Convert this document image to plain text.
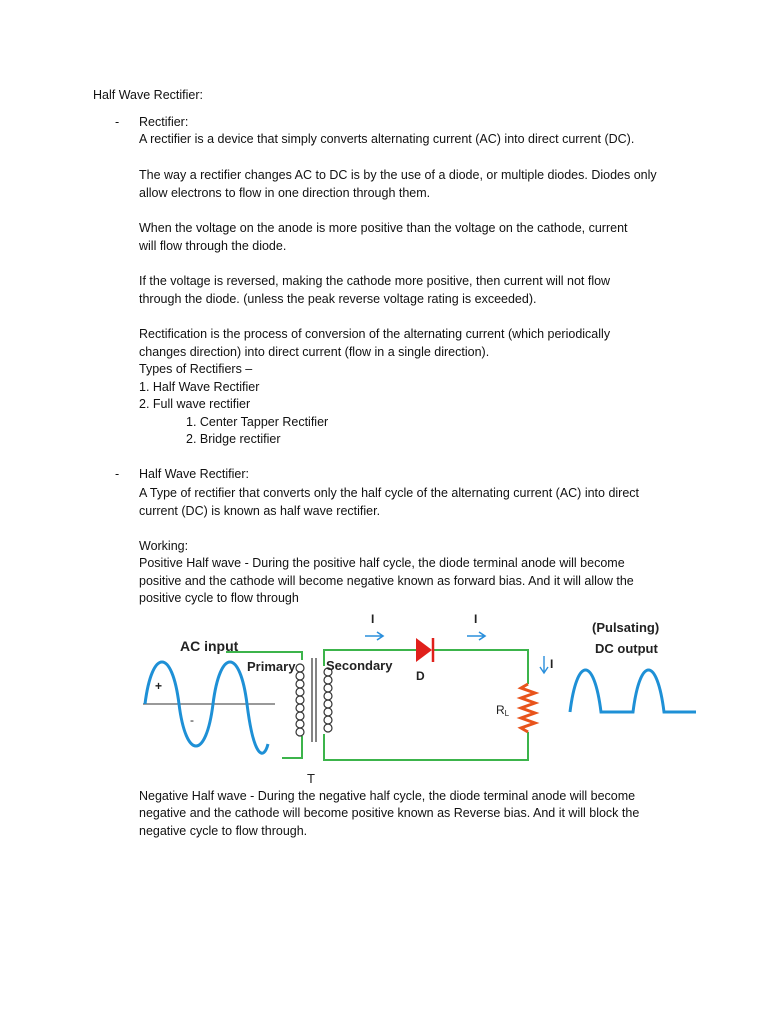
Half Wave Rectifier:
- Rectifier:
A rectifier is a device that simply converts alternating current (AC) into direct current (DC).
The way a rectifier changes AC to DC is by the use of a diode, or multiple diodes. Diodes only
allow electrons to flow in one direction through them.
When the voltage on the anode is more positive than the voltage on the cathode, current
will flow through the diode.
If the voltage is reversed, making the cathode more positive, then current will not flow
through the diode. (unless the peak reverse voltage rating is exceeded).
Rectification is the process of conversion of the alternating current (which periodically
changes direction) into direct current (flow in a single direction).
Types of Rectifiers –
1. Half Wave Rectifier
2. Full wave rectifier
1. Center Tapper Rectifier
2. Bridge rectifier
- Half Wave Rectifier:
A Type of rectifier that converts only the half cycle of the alternating current (AC) into direct
current (DC) is known as half wave rectifier.
Working:
Positive Half wave - During the positive half cycle, the diode terminal anode will become
positive and the cathode will become negative known as forward bias. And it will allow the
positive cycle to flow through
AC input
+
-
Primary Secondary
T
D
I	I
I
RL
(Pulsating)
DC output
Negative Half wave - During the negative half cycle, the diode terminal anode will become
negative and the cathode will become positive known as Reverse bias. And it will block the
negative cycle to flow through.
